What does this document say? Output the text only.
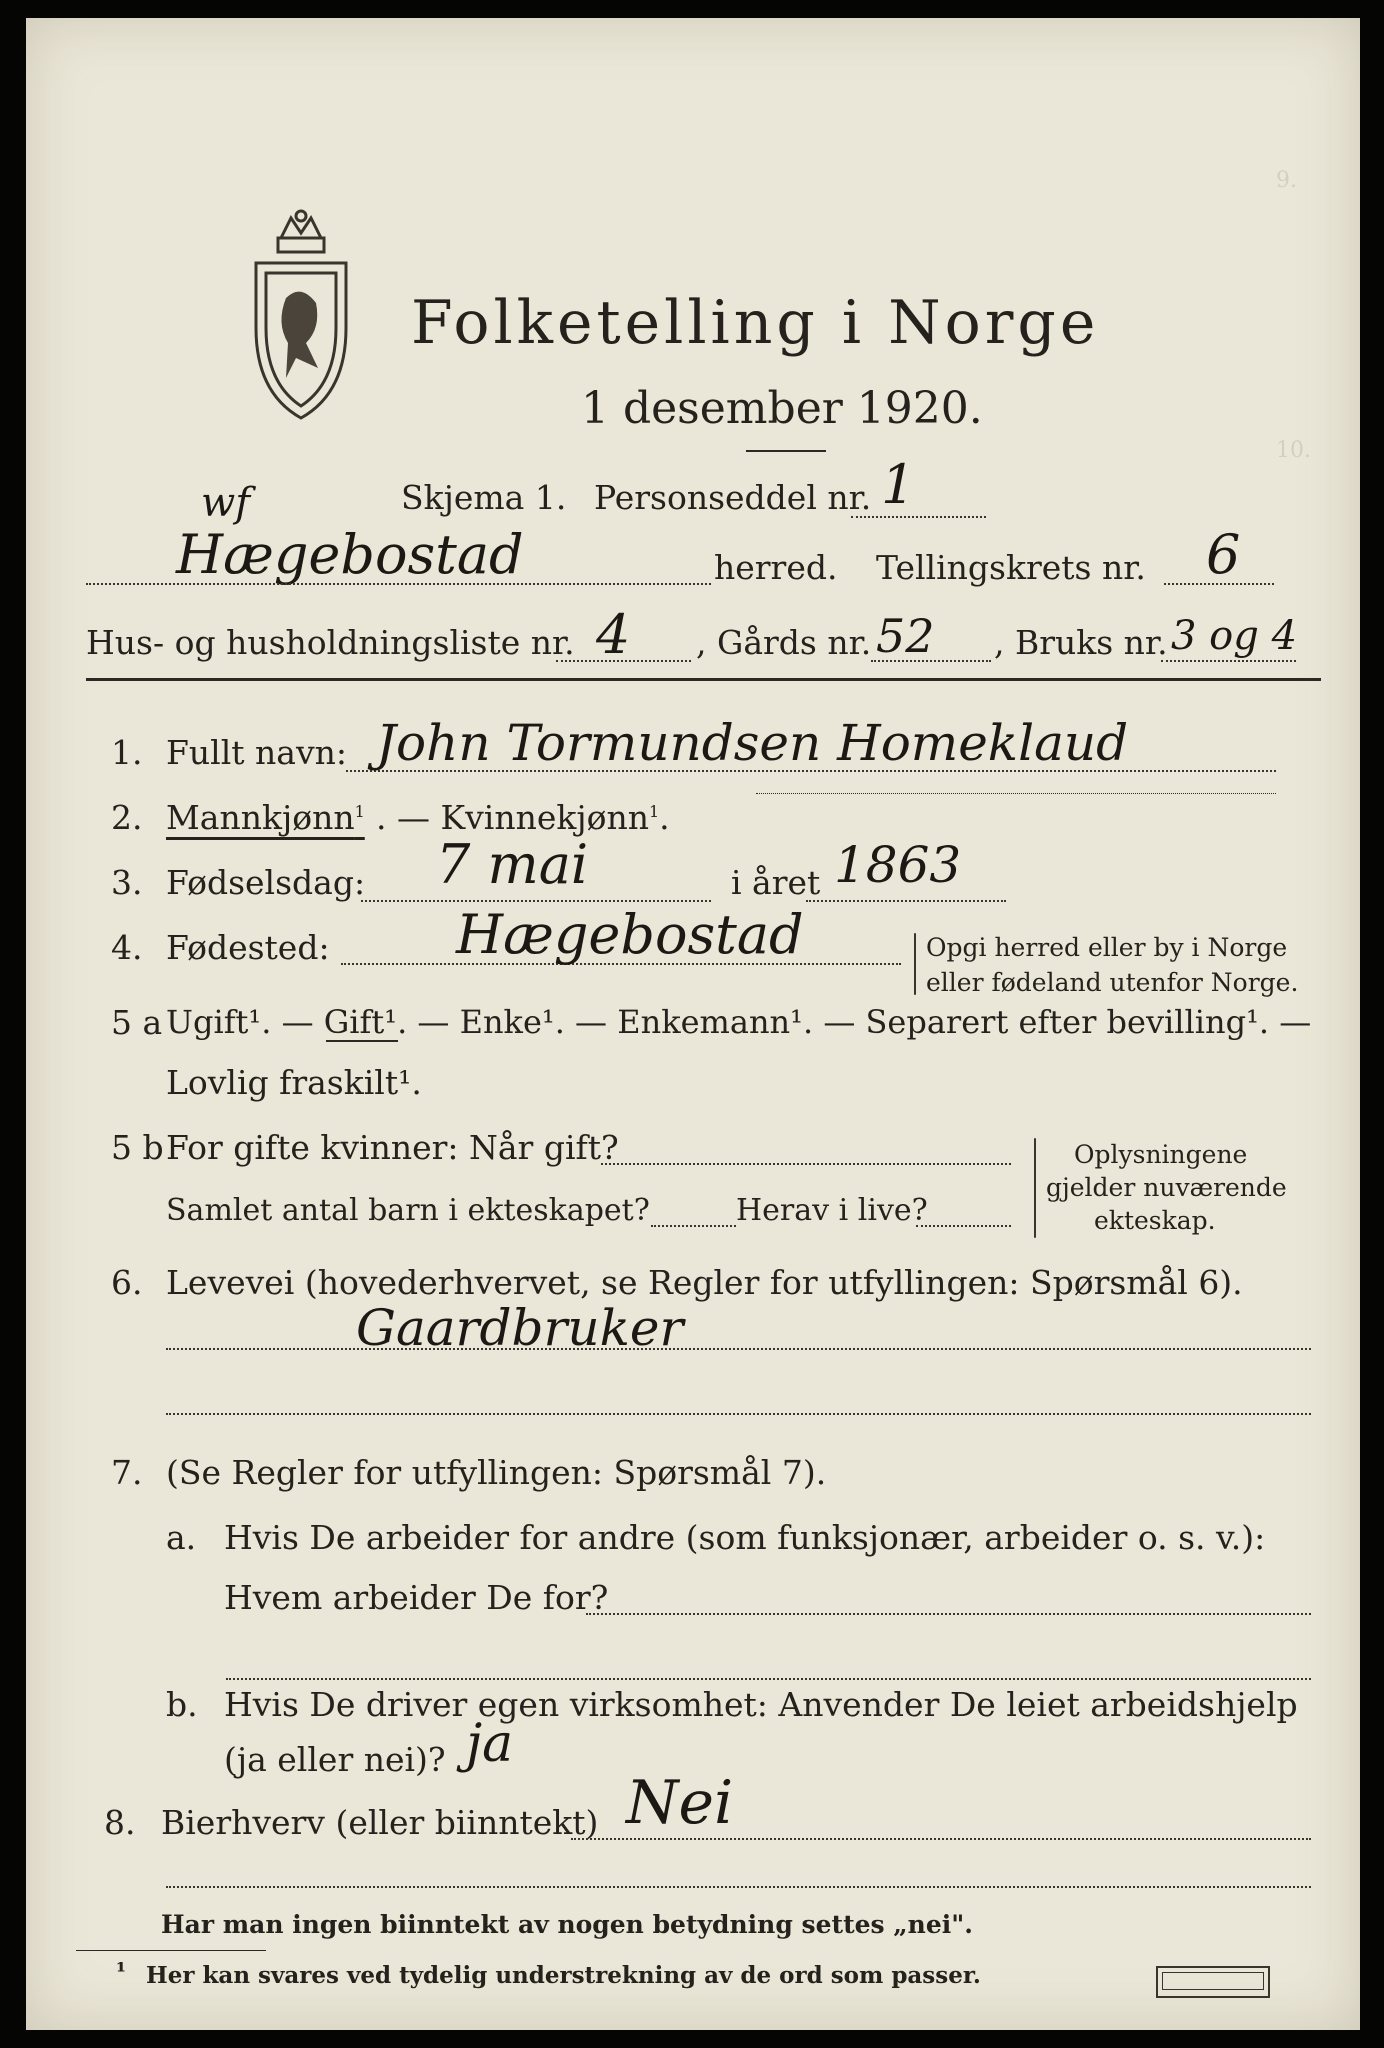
9.
10.
Folketelling i Norge
1 desember 1920.
Skjema 1. Personseddel nr. 1
wf
Hægebostad	herred. Tellingskrets nr. 6
Hus- og husholdningsliste nr. 4 , Gårds nr. 52 , Bruks nr. 3 og 4
1. Fullt navn: John Tormundsen Homeklaud
2. Mannkjønn$^1$ . — Kvinnekjønn$^1$.
3. Fødselsdag: 7 mai	i året 1863
4. Fødested: Hægebostad	Opgi herred eller by i Norge
eller fødeland utenfor Norge.
5 a Ugift¹. — Gift¹. — Enke¹. — Enkemann¹. — Separert efter bevilling¹. —
Lovlig fraskilt¹.
5 b For gifte kvinner: Når gift?
Samlet antal barn i ekteskapet?	Herav i live?
Oplysningene
gjelder nuværende
ekteskap.
6. Levevei (hovederhvervet, se Regler for utfyllingen: Spørsmål 6).
Gaardbruker
7. (Se Regler for utfyllingen: Spørsmål 7).
a. Hvis De arbeider for andre (som funksjonær, arbeider o. s. v.):
Hvem arbeider De for?
b. Hvis De driver egen virksomhet: Anvender De leiet arbeidshjelp
(ja eller nei)? ja
8. Bierhverv (eller biinntekt) Nei
Har man ingen biinntekt av nogen betydning settes „nei".
¹ Her kan svares ved tydelig understrekning av de ord som passer.
